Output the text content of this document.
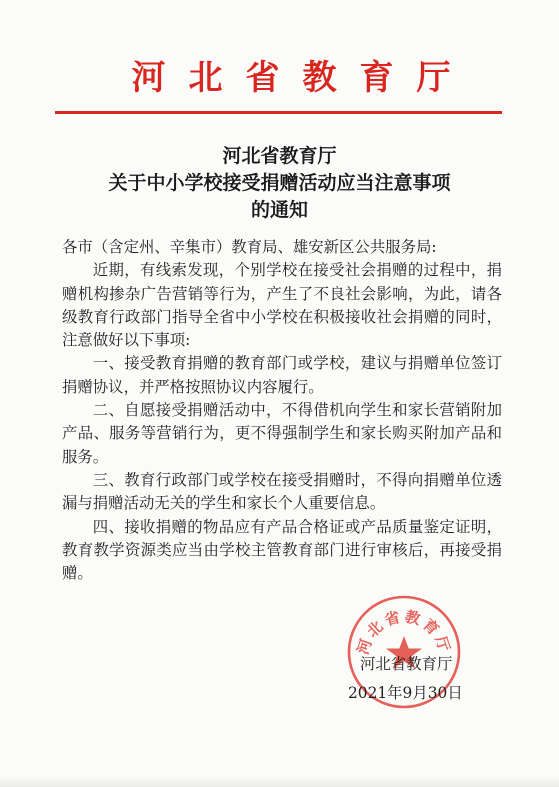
河北省教育厅
河北省教育厅
关于中小学校接受捐赠活动应当注意事项
的通知

各市（含定州、辛集市）教育局、雄安新区公共服务局:

近期，有线索发现，个别学校在接受社会捐赠的过程中，捐赠机构掺杂广告营销等行为，产生了不良社会影响，为此，请各级教育行政部门指导全省中小学校在积极接收社会捐赠的同时，注意做好以下事项:

一、接受教育捐赠的教育部门或学校，建议与捐赠单位签订捐赠协议，并严格按照协议内容履行。

二、自愿接受捐赠活动中，不得借机向学生和家长营销附加产品、服务等营销行为，更不得强制学生和家长购买附加产品和服务。

三、教育行政部门或学校在接受捐赠时，不得向捐赠单位透漏与捐赠活动无关的学生和家长个人重要信息。

四、接收捐赠的物品应有产品合格证或产品质量鉴定证明，教育教学资源类应当由学校主管教育部门进行审核后，再接受捐赠。

河北省教育厅
河北省教育厅
2021年9月30日
